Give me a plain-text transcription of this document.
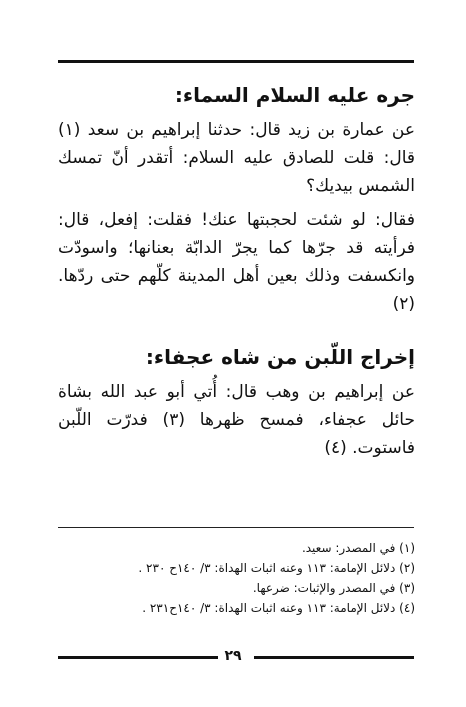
جره عليه السلام السماء:

عن عمارة بن زيد قال: حدثنا إبراهيم بن سعد (١) قال: قلت للصادق عليه السلام: أتقدر أنّ تمسك الشمس بيديك؟

فقال: لو شئت لحجبتها عنك! فقلت: إفعل، قال: فرأيته قد جرّها كما يجرّ الدابّة بعنانها؛ واسودّت وانكسفت وذلك بعين أهل المدينة كلّهم حتى ردّها. (٢)

إخراج اللّبن من شاه عجفاء:

عن إبراهيم بن وهب قال: أُتي أبو عبد الله بشاة حائل عجفاء، فمسح ظهرها (٣) فدرّت اللّبن فاستوت. (٤)

(١) في المصدر: سعيد.
(٢) دلائل الإمامة: ١١٣ وعنه اثبات الهداة: ٣/ ١٤٠ح ٢٣٠ .
(٣) في المصدر والإثبات: ضرعها.
(٤) دلائل الإمامة: ١١٣ وعنه اثبات الهداة: ٣/ ١٤٠ح٢٣١ .
٢٩
